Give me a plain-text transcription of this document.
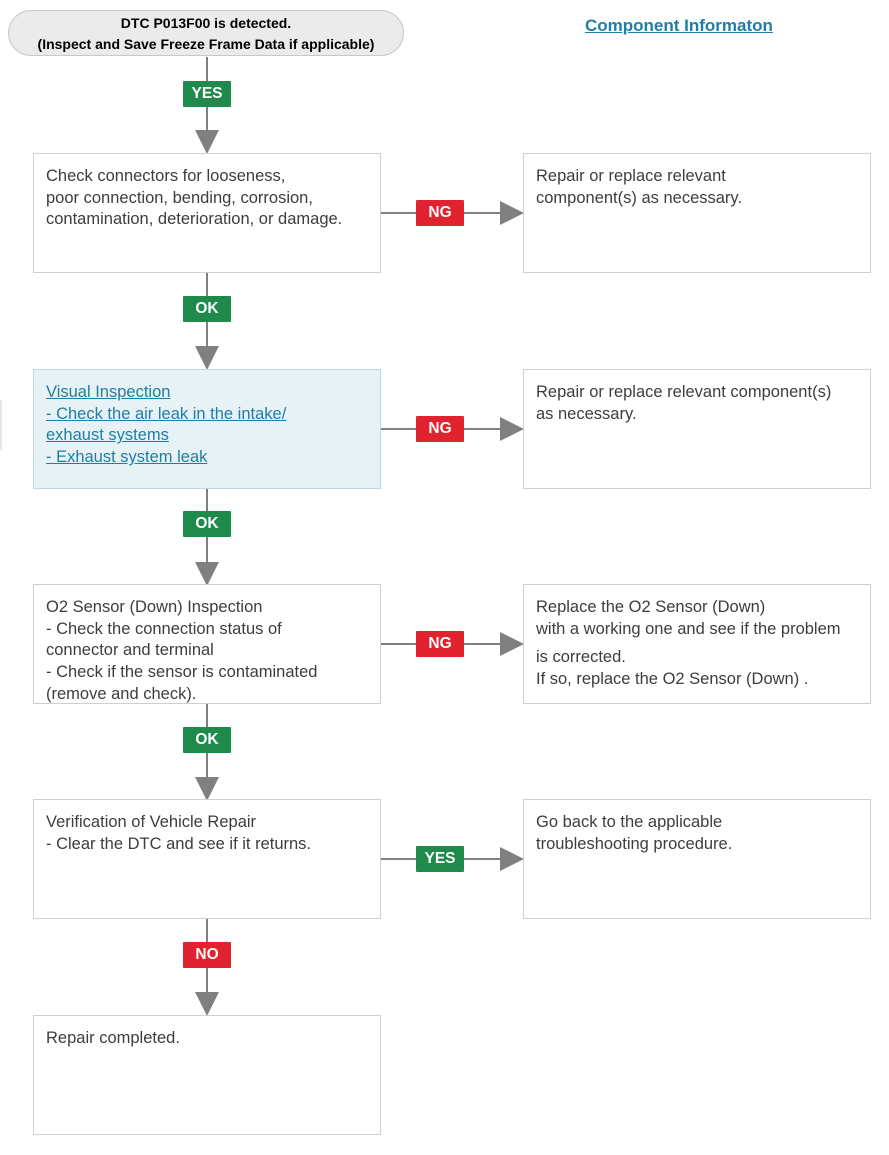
DTC P013F00 is detected.
(Inspect and Save Freeze Frame Data if applicable)
Component Informaton
YES
Check connectors for looseness,
poor connection, bending, corrosion,
contamination, deterioration, or damage.	NG
Repair or replace relevant
component(s) as necessary.
OK
Visual Inspection
- Check the air leak in the intake/
exhaust systems
- Exhaust system leak
NG
Repair or replace relevant component(s)
as necessary.
OK
O2 Sensor (Down) Inspection
- Check the connection status of
connector and terminal
- Check if the sensor is contaminated
(remove and check).
NG
Replace the O2 Sensor (Down)
with a working one and see if the problem
is corrected.
If so, replace the O2 Sensor (Down) .
OK
Verification of Vehicle Repair
- Clear the DTC and see if it returns.
YES
Go back to the applicable
troubleshooting procedure.
NO
Repair completed.
